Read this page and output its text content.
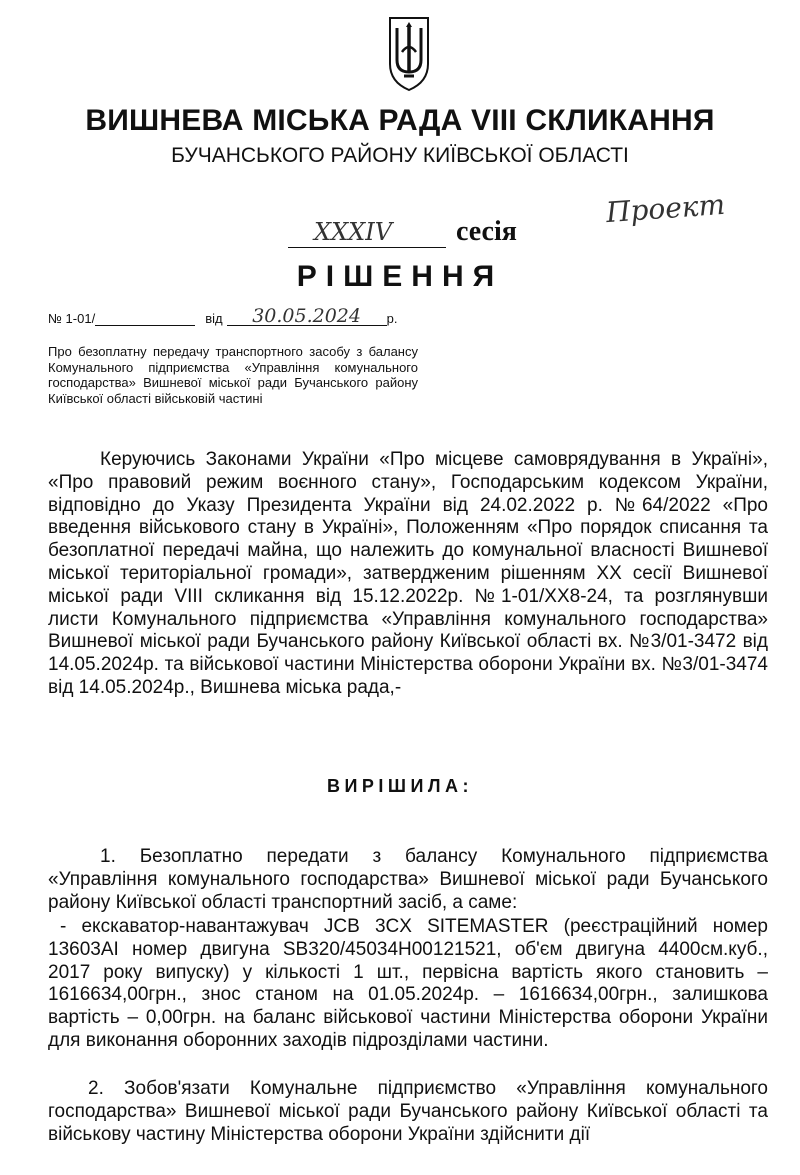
ВИШНЕВА МІСЬКА РАДА VIII СКЛИКАННЯ
БУЧАНСЬКОГО РАЙОНУ КИЇВСЬКОЇ ОБЛАСТІ
Проект
XXXIV	сесія
РІШЕННЯ
№ 1-01/	від	30.05.2024	р.
Про безоплатну передачу транспортного засобу з балансу Комунального підприємства «Управління комунального господарства» Вишневої міської ради Бучанського району Київської області військовій частині

Керуючись Законами України «Про місцеве самоврядування в Україні», «Про правовий режим воєнного стану», Господарським кодексом України, відповідно до Указу Президента України від 24.02.2022 р. №64/2022 «Про введення військового стану в Україні», Положенням «Про порядок списання та безоплатної передачі майна, що належить до комунальної власності Вишневої міської територіальної громади», затвердженим рішенням XX сесії Вишневої міської ради VIII скликання від 15.12.2022р. №1-01/XX8-24, та розглянувши листи Комунального підприємства «Управління комунального господарства» Вишневої міської ради Бучанського району Київської області вх. №3/01-3472 від 14.05.2024р. та військової частини Міністерства оборони України вх. №3/01-3474 від 14.05.2024р., Вишнева міська рада,-

ВИРІШИЛА:

1. Безоплатно передати з балансу Комунального підприємства «Управління комунального господарства» Вишневої міської ради Бучанського району Київської області транспортний засіб, а саме:

- екскаватор-навантажувач JCB 3CX SITEMASTER (реєстраційний номер 13603АІ номер двигуна SB320/45034H00121521, об'єм двигуна 4400см.куб., 2017 року випуску) у кількості 1 шт., первісна вартість якого становить – 1616634,00грн., знос станом на 01.05.2024р. – 1616634,00грн., залишкова вартість – 0,00грн. на баланс військової частини Міністерства оборони України для виконання оборонних заходів підрозділами частини.

2. Зобов'язати Комунальне підприємство «Управління комунального господарства» Вишневої міської ради Бучанського району Київської області та військову частину Міністерства оборони України здійснити дії
